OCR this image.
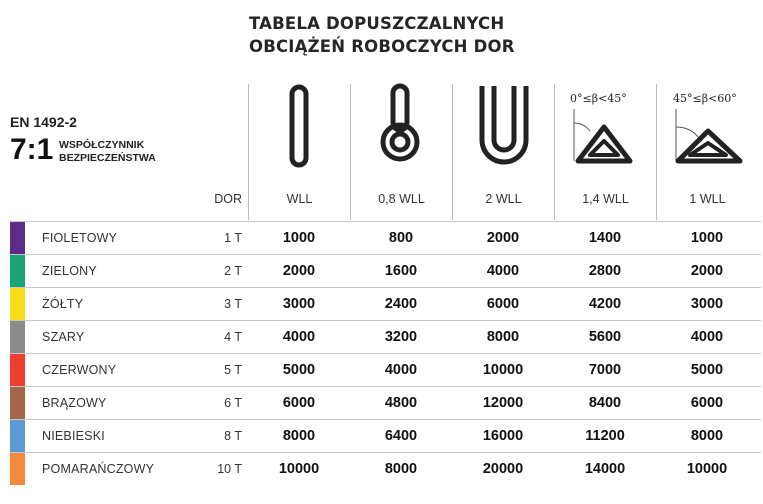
TABELA DOPUSZCZALNYCH
OBCIĄŻEŃ ROBOCZYCH DOR
EN 1492-2
7:1 WSPÓŁCZYNNIK
BEZPIECZEŃSTWA
0°≤β<45°	45°≤β<60°
DOR	WLL	0,8 WLL	2 WLL	1,4 WLL	1 WLL
FIOLETOWY	1 T	1000	800	2000	1400	1000
ZIELONY	2 T	2000	1600	4000	2800	2000
ŻÓŁTY	3 T	3000	2400	6000	4200	3000
SZARY	4 T	4000	3200	8000	5600	4000
CZERWONY	5 T	5000	4000	10000	7000	5000
BRĄZOWY	6 T	6000	4800	12000	8400	6000
NIEBIESKI	8 T	8000	6400	16000	11200	8000
POMARAŃCZOWY	10 T	10000	8000	20000	14000	10000
